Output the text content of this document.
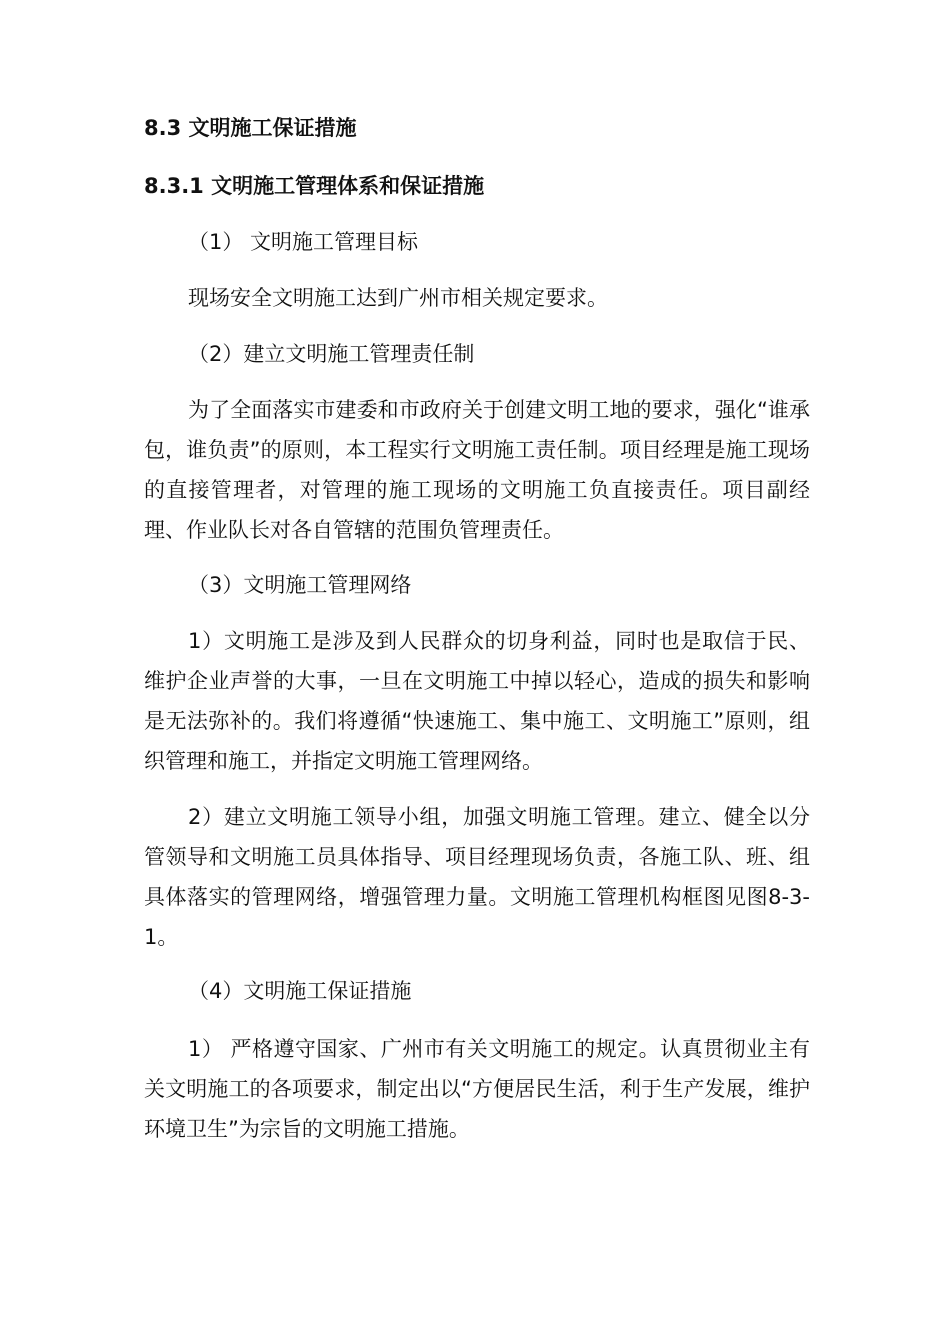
8.3 文明施工保证措施
8.3.1 文明施工管理体系和保证措施
（1） 文明施工管理目标

现场安全文明施工达到广州市相关规定要求。

（2）建立文明施工管理责任制

为了全面落实市建委和市政府关于创建文明工地的要求，强化“谁承包，谁负责”的原则，本工程实行文明施工责任制。项目经理是施工现场的直接管理者，对管理的施工现场的文明施工负直接责任。项目副经理、作业队长对各自管辖的范围负管理责任。

（3）文明施工管理网络

1）文明施工是涉及到人民群众的切身利益，同时也是取信于民、维护企业声誉的大事，一旦在文明施工中掉以轻心，造成的损失和影响是无法弥补的。我们将遵循“快速施工、集中施工、文明施工”原则，组织管理和施工，并指定文明施工管理网络。

2）建立文明施工领导小组，加强文明施工管理。建立、健全以分管领导和文明施工员具体指导、项目经理现场负责，各施工队、班、组具体落实的管理网络，增强管理力量。文明施工管理机构框图见图8-3-1。

（4）文明施工保证措施

1） 严格遵守国家、广州市有关文明施工的规定。认真贯彻业主有关文明施工的各项要求，制定出以“方便居民生活，利于生产发展，维护环境卫生”为宗旨的文明施工措施。
